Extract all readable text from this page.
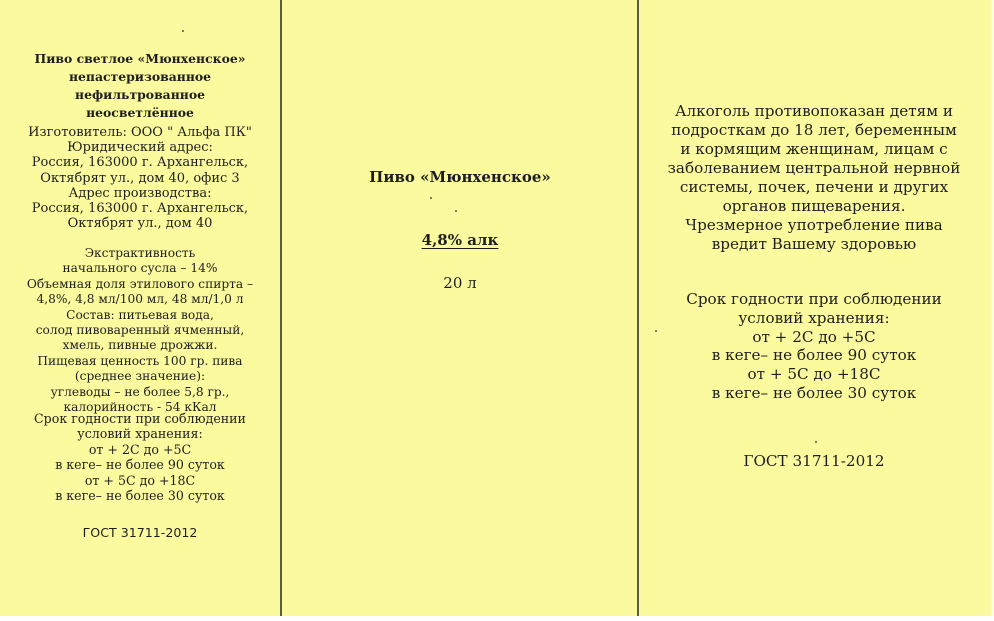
Пиво светлое «Мюнхенское»
непастеризованное
нефильтрованное
неосветлённое
Изготовитель: ООО " Альфа ПК"
Юридический адрес:
Россия, 163000 г. Архангельск,
Октябрят ул., дом 40, офис 3
Адрес производства:
Россия, 163000 г. Архангельск,
Октябрят ул., дом 40
Экстрактивность
начального сусла – 14%
Объемная доля этилового спирта –
4,8%, 4,8 мл/100 мл, 48 мл/1,0 л
Состав: питьевая вода,
солод пивоваренный ячменный,
хмель, пивные дрожжи.
Пищевая ценность 100 гр. пива
(среднее значение):
углеводы – не более 5,8 гр.,
калорийность - 54 кКал
Срок годности при соблюдении
условий хранения:
от + 2С до +5С
в кеге– не более 90 суток
от + 5С до +18С
в кеге– не более 30 суток
ГОСТ 31711-2012
Пиво «Мюнхенское»
4,8% алк
20 л
Алкоголь противопоказан детям и
подросткам до 18 лет, беременным
и кормящим женщинам, лицам с
заболеванием центральной нервной
системы, почек, печени и других
органов пищеварения.
Чрезмерное употребление пива
вредит Вашему здоровью
Срок годности при соблюдении
условий хранения:
от + 2С до +5С
в кеге– не более 90 суток
от + 5С до +18С
в кеге– не более 30 суток
ГОСТ 31711-2012
